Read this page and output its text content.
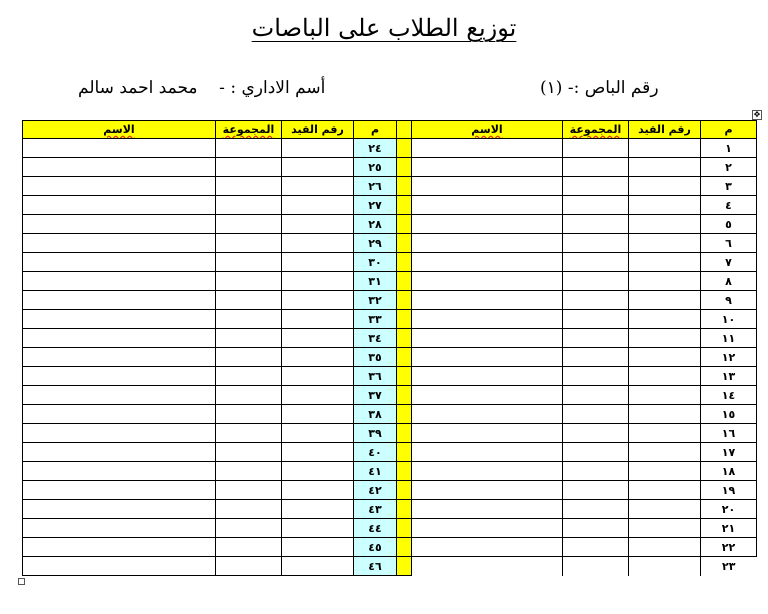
توزيع الطلاب على الباصات
أسم الاداري : -    محمد احمد سالم	رقم الباص :- (١)
✥
الاسم	المجموعة	رقم القيد	م		الاسم	المجموعة	رقم القيد	م
			٢٤					١
			٢٥					٢
			٢٦					٣
			٢٧					٤
			٢٨					٥
			٢٩					٦
			٣٠					٧
			٣١					٨
			٣٢					٩
			٣٣					١٠
			٣٤					١١
			٣٥					١٢
			٣٦					١٣
			٣٧					١٤
			٣٨					١٥
			٣٩					١٦
			٤٠					١٧
			٤١					١٨
			٤٢					١٩
			٤٣					٢٠
			٤٤					٢١
			٤٥					٢٢
			٤٦					٢٣
